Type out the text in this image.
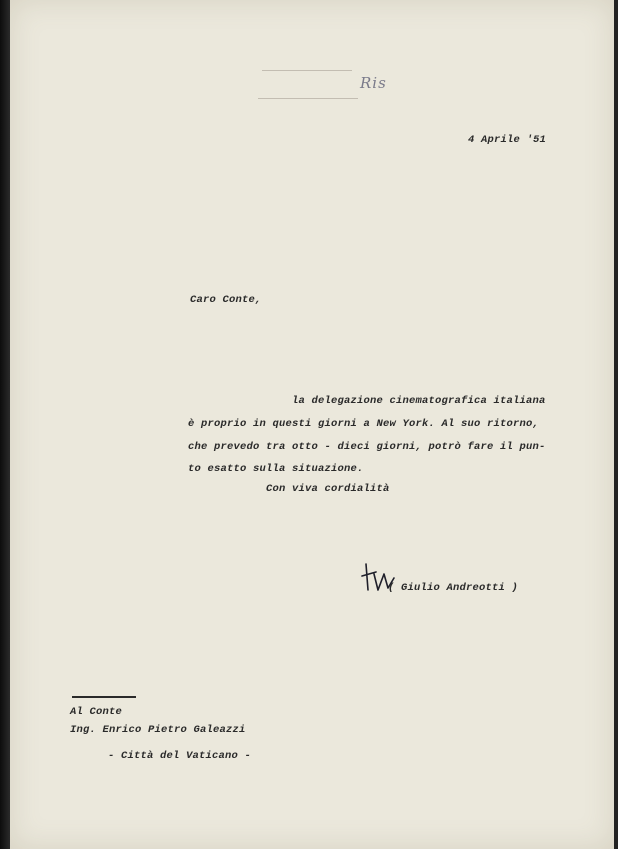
Ris
4 Aprile '51
Caro Conte,
la delegazione cinematografica italiana
è proprio in questi giorni a New York. Al suo ritorno,
che prevedo tra otto - dieci giorni, potrò fare il pun-
to esatto sulla situazione.
Con viva cordialità
( Giulio Andreotti )
Al Conte
Ing. Enrico Pietro Galeazzi
- Città del Vaticano -
